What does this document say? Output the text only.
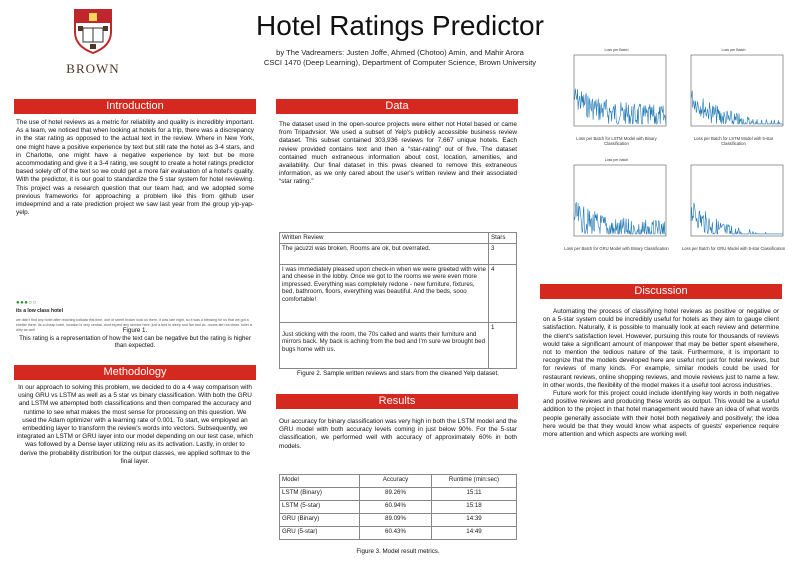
BROWN
Hotel Ratings Predictor
by The Vadreamers: Justen Joffe, Ahmed (Chotoo) Amin, and Mahir Arora
CSCI 1470 (Deep Learning), Department of Computer Science, Brown University
Introduction
The use of hotel reviews as a metric for reliability and quality is incredibly important. As a team, we noticed that when looking at hotels for a trip, there was a discrepancy in the star rating as opposed to the actual text in the review. Where in New York, one might have a positive experience by text but still rate the hotel as 3-4 stars, and in Charlotte, one might have a negative experience by text but be more accommodating and give it a 3-4 rating, we sought to create a hotel ratings predictor based solely off of the text so we could get a more fair evaluation of a hotel's quality. With the predictor, it is our goal to standardize the 5 star system for hotel reviewing. This project was a research question that our team had, and we adopted some previous frameworks for approaching a problem like this from github user imdeepmind and a rate prediction project we saw last year from the group yip-yap-yelp.
●●●○○
its a low class hotel
we didn't find any hotel after reaching kolkata this time, one of street broker took us there. it was late night, so it was a blessing for us that we got a shelter there. its a cheap hotel, location is very central. dont expect any service here. just a bed to sleep and fan and ac. rooms ate not clean. toilet iz dirty as well	Figure 1.
This rating is a representation of how the text can be negative but the rating is higher than expected.
Methodology
In our approach to solving this problem, we decided to do a 4 way comparison with using GRU vs LSTM as well as a 5 star vs binary classification. With both the GRU and LSTM we attempted both classifications and then compared the accuracy and runtime to see what makes the most sense for processing on this question. We used the Adam optimizer with a learning rate of 0.001. To start, we employed an embedding layer to transform the review's words into vectors. Subsequently, we integrated an LSTM or GRU layer into our model depending on our test case, which was followed by a Dense layer utilizing relu as its activation. Lastly, in order to derive the probability distribution for the output classes, we applied softmax to the final layer.
Data
The dataset used in the open-source projects were either not Hotel based or came from Tripadvsior. We used a subset of Yelp's publicly accessible business review dataset. This subset contained 303,936 reviews for 7,667 unique hotels. Each review provided contains text and then a “star-rating” out of five. The dataset contained much extraneous information about cost, location, amenities, and availability. Our final dataset in this pwas cleaned to remove this extraneous information, as we only cared about the user's written review and their associated “star rating.”
Written Review	Stars
The jacuzzi was broken. Rooms are ok, but overrated.	3
I was immediately pleased upon check-in when we were greeted with wine and cheese in the lobby. Once we got to the rooms we were even more impressed. Everything was completely redone - new furniture, fixtures, bed, bathroom, floors, everything was beautiful. And the beds, sooo comfortable!	4
Just sticking with the room, the 70s called and wants their furniture and mirrors back. My back is aching from the bed and I'm sure we brought bed bugs home with us.	1
Figure 2. Sample written reviews and stars from the cleaned Yelp dataset.
Results
Our accuracy for binary classification was very high in both the LSTM model and the GRU model with both accuracy levels coming in just below 90%. For the 5-star classification, we performed well with accuracy of approximately 60% in both models.
Model	Accuracy	Runtime (min:sec)
LSTM (Binary)	89.26%	15:11
LSTM (5-star)	60.94%	15:18
GRU (Binary)	89.09%	14:39
GRU (5-star)	60.43%	14:49
Figure 3. Model result metrics.
Loss per Batch
Loss per Batch for LSTM Model with Binary Classification
Loss per Batch
Loss per Batch for LSTM Model with 5-star Classification
Loss per batch
Loss per Batch for GRU Model with Binary Classification	Loss per Batch for GRU Model with 5-star Classification
Discussion

Automating the process of classifying hotel reviews as positive or negative or on a 5-star system could be incredibly useful for hotels as they aim to gauge client satisfaction. Naturally, it is possible to manually look at each review and determine the client's satisfaction level. However, pursuing this route for thousands of reviews would take a significant amount of manpower that may be better spent elsewhere, not to mention the tedious nature of the task. Furthermore, it is important to recognize that the models developed here are useful not just for hotel reviews, but for reviews of many kinds. For example, similar models could be used for restaurant reviews, online shopping reviews, and movie reviews just to name a few. In other words, the flexibility of the model makes it a useful tool across industries.

Future work for this project could include identifying key words in both negative and positive reviews and producing these words as output. This would be a useful addition to the project in that hotel management would have an idea of what words people generally associate with their hotel both negatively and positively; the idea here would be that they would know what aspects of guests' experience require more attention and which aspects are working well.
